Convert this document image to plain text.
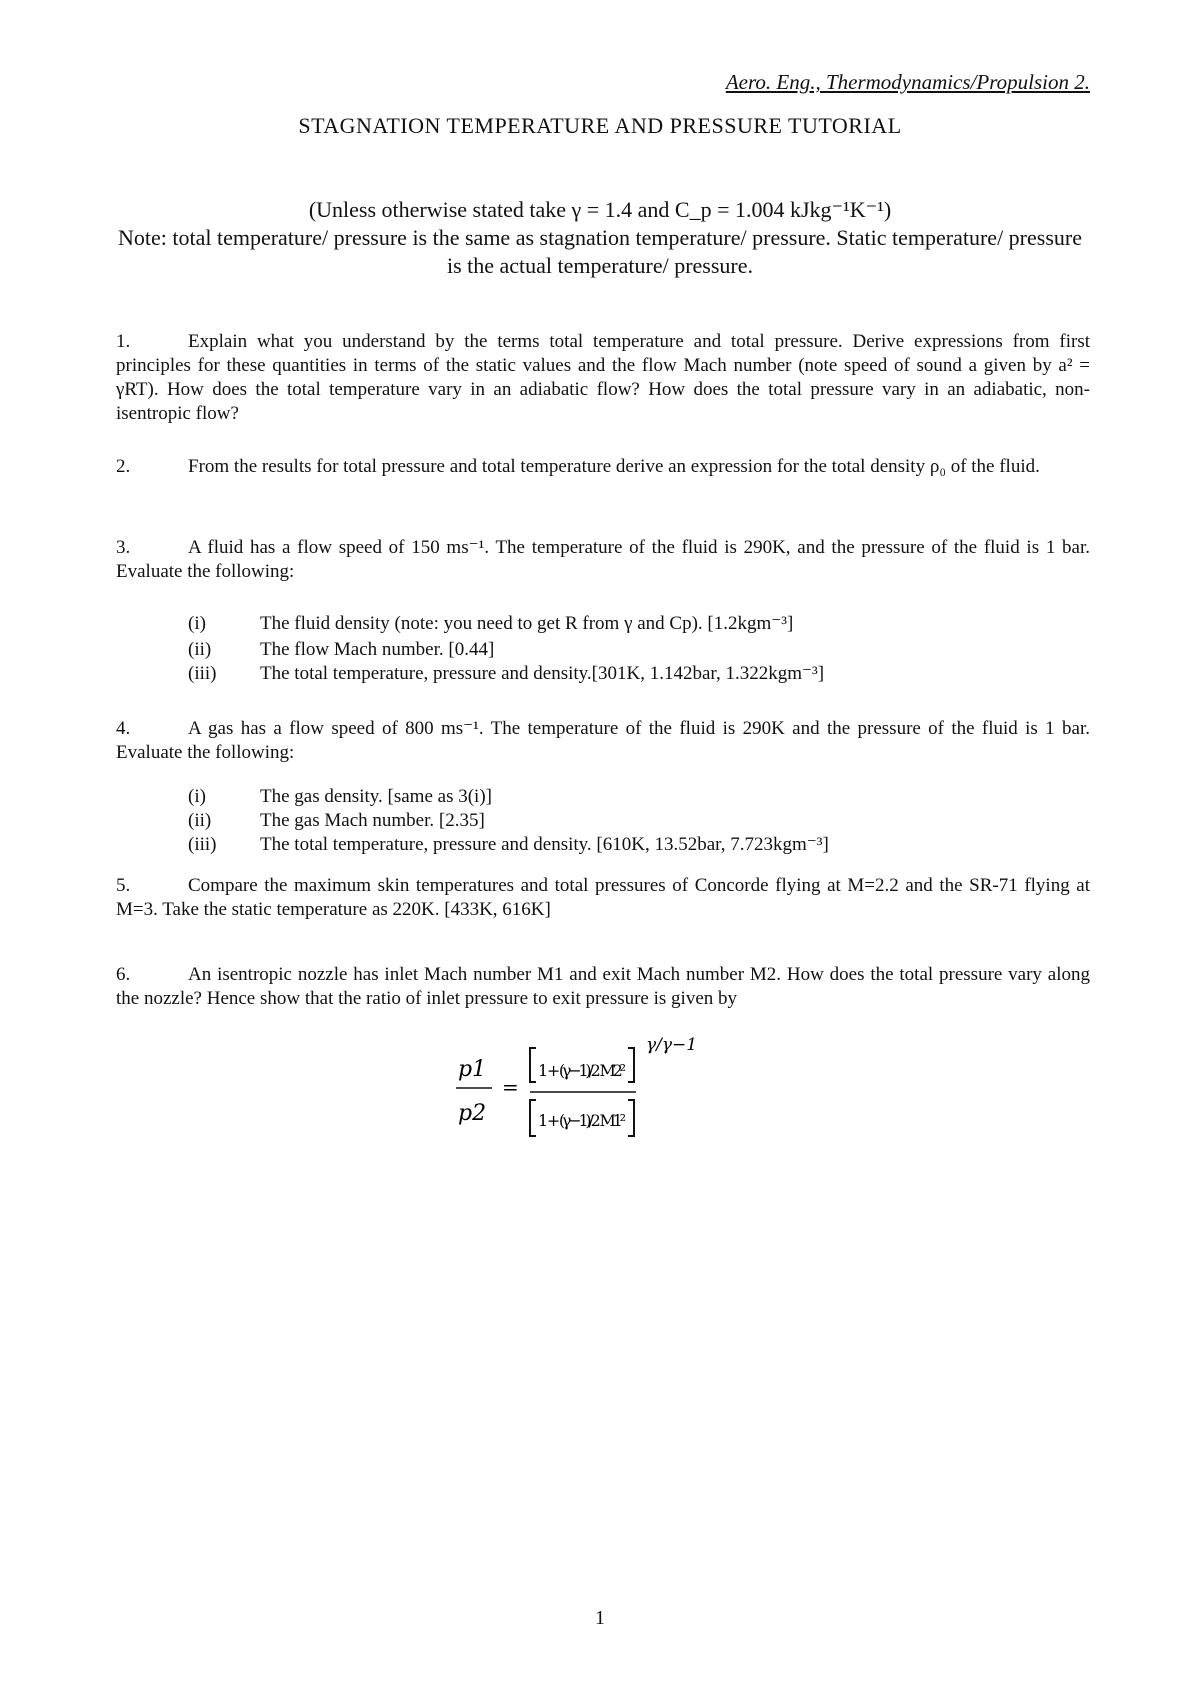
Aero. Eng., Thermodynamics/Propulsion 2.
STAGNATION TEMPERATURE AND PRESSURE TUTORIAL
(Unless otherwise stated take γ = 1.4 and C_p = 1.004 kJkg⁻¹K⁻¹)
Note: total temperature/ pressure is the same as stagnation temperature/ pressure. Static temperature/ pressure is the actual temperature/ pressure.
1.	Explain what you understand by the terms total temperature and total pressure. Derive expressions from first principles for these quantities in terms of the static values and the flow Mach number (note speed of sound a given by a² = γRT). How does the total temperature vary in an adiabatic flow? How does the total pressure vary in an adiabatic, non-isentropic flow?
2.	From the results for total pressure and total temperature derive an expression for the total density ρ₀ of the fluid.
3.	A fluid has a flow speed of 150 ms⁻¹. The temperature of the fluid is 290K, and the pressure of the fluid is 1 bar. Evaluate the following:
(i)	The fluid density (note: you need to get R from γ and Cp). [1.2kgm⁻³]
(ii)	The flow Mach number. [0.44]
(iii) The total temperature, pressure and density.[301K, 1.142bar, 1.322kgm⁻³]
4.	A gas has a flow speed of 800 ms⁻¹. The temperature of the fluid is 290K and the pressure of the fluid is 1 bar. Evaluate the following:
(i)	The gas density. [same as 3(i)]
(ii)	The gas Mach number. [2.35]
(iii) The total temperature, pressure and density. [610K, 13.52bar, 7.723kgm⁻³]
5.	Compare the maximum skin temperatures and total pressures of Concorde flying at M=2.2 and the SR-71 flying at M=3. Take the static temperature as 220K. [433K, 616K]
6.	An isentropic nozzle has inlet Mach number M1 and exit Mach number M2. How does the total pressure vary along the nozzle? Hence show that the ratio of inlet pressure to exit pressure is given by
p1
p2
=
1 + (γ−1)/2 M2²
1 + (γ−1)/2 M1²
γ/γ−1
1
